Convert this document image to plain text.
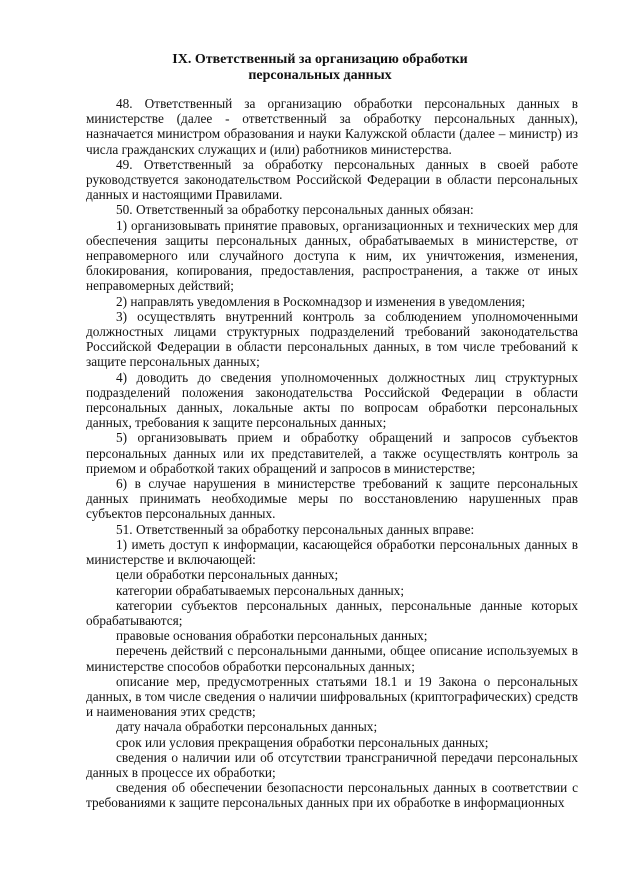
IX. Ответственный за организацию обработки
персональных данных

48. Ответственный за организацию обработки персональных данных в министерстве (далее - ответственный за обработку персональных данных), назначается министром образования и науки Калужской области (далее – министр) из числа гражданских служащих и (или) работников министерства.

49. Ответственный за обработку персональных данных в своей работе руководствуется законодательством Российской Федерации в области персональных данных и настоящими Правилами.

50. Ответственный за обработку персональных данных обязан:

1) организовывать принятие правовых, организационных и технических мер для обеспечения защиты персональных данных, обрабатываемых в министерстве, от неправомерного или случайного доступа к ним, их уничтожения, изменения, блокирования, копирования, предоставления, распространения, а также от иных неправомерных действий;

2) направлять уведомления в Роскомнадзор и изменения в уведомления;

3) осуществлять внутренний контроль за соблюдением уполномоченными должностных лицами структурных подразделений требований законодательства Российской Федерации в области персональных данных, в том числе требований к защите персональных данных;

4) доводить до сведения уполномоченных должностных лиц структурных подразделений положения законодательства Российской Федерации в области персональных данных, локальные акты по вопросам обработки персональных данных, требования к защите персональных данных;

5) организовывать прием и обработку обращений и запросов субъектов персональных данных или их представителей, а также осуществлять контроль за приемом и обработкой таких обращений и запросов в министерстве;

6) в случае нарушения в министерстве требований к защите персональных данных принимать необходимые меры по восстановлению нарушенных прав субъектов персональных данных.

51. Ответственный за обработку персональных данных вправе:

1) иметь доступ к информации, касающейся обработки персональных данных в министерстве и включающей:

цели обработки персональных данных;

категории обрабатываемых персональных данных;

категории субъектов персональных данных, персональные данные которых обрабатываются;

правовые основания обработки персональных данных;

перечень действий с персональными данными, общее описание используемых в министерстве способов обработки персональных данных;

описание мер, предусмотренных статьями 18.1 и 19 Закона о персональных данных, в том числе сведения о наличии шифровальных (криптографических) средств и наименования этих средств;

дату начала обработки персональных данных;

срок или условия прекращения обработки персональных данных;

сведения о наличии или об отсутствии трансграничной передачи персональных данных в процессе их обработки;

сведения об обеспечении безопасности персональных данных в соответствии с требованиями к защите персональных данных при их обработке в информационных
